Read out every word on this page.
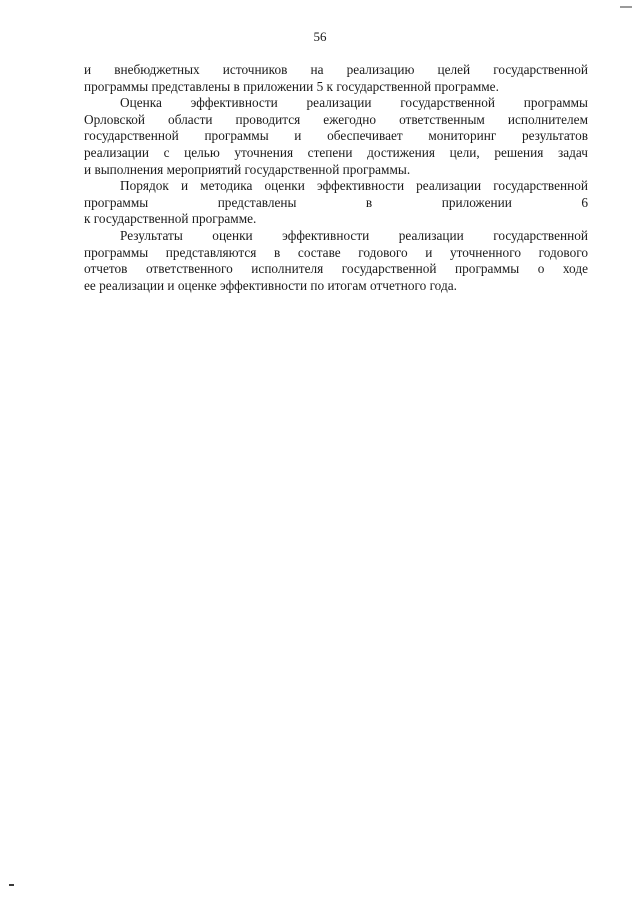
56

и внебюджетных источников на реализацию целей государственной
программы представлены в приложении 5 к государственной программе.

Оценка эффективности реализации государственной программы
Орловской области проводится ежегодно ответственным исполнителем
государственной программы и обеспечивает мониторинг результатов
реализации с целью уточнения степени достижения цели, решения задач
и выполнения мероприятий государственной программы.

Порядок и методика оценки эффективности реализации государственной
программы представлены в приложении 6
к государственной программе.

Результаты оценки эффективности реализации государственной
программы представляются в составе годового и уточненного годового
отчетов ответственного исполнителя государственной программы о ходе
ее реализации и оценке эффективности по итогам отчетного года.
